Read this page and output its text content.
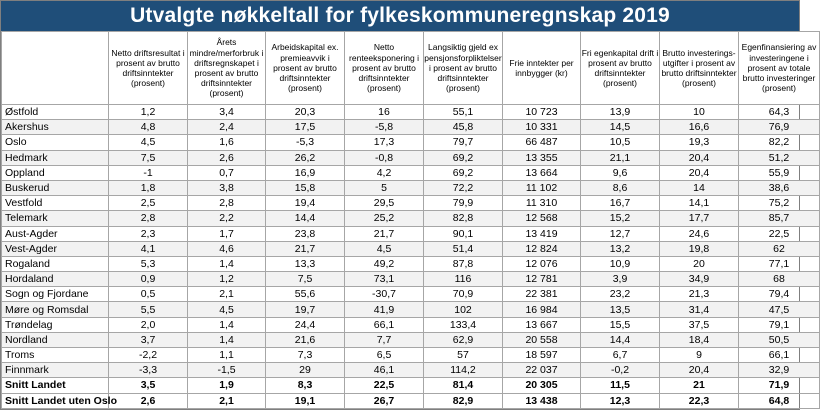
Utvalgte nøkkeltall for fylkeskommuneregnskap 2019
	Netto driftsresultat i prosent av brutto driftsinntekter (prosent)	Årets mindre/merforbruk i driftsregnskapet i prosent av brutto driftsinntekter (prosent)	Arbeidskapital ex. premieavvik i prosent av brutto driftsinntekter (prosent)	Netto renteeksponering i prosent av brutto driftsinntekter (prosent)	Langsiktig gjeld ex pensjonsforpliktelser i prosent av brutto driftsinntekter (prosent)	Frie inntekter per innbygger (kr)	Fri egenkapital drift i prosent av brutto driftsinntekter (prosent)	Brutto investerings-utgifter i prosent av brutto driftsinntekter (prosent)	Egenfinansiering av investeringene i prosent av totale brutto investeringer (prosent)
Østfold	1,2	3,4	20,3	16	55,1	10 723	13,9	10	64,3
Akershus	4,8	2,4	17,5	-5,8	45,8	10 331	14,5	16,6	76,9
Oslo	4,5	1,6	-5,3	17,3	79,7	66 487	10,5	19,3	82,2
Hedmark	7,5	2,6	26,2	-0,8	69,2	13 355	21,1	20,4	51,2
Oppland	-1	0,7	16,9	4,2	69,2	13 664	9,6	20,4	55,9
Buskerud	1,8	3,8	15,8	5	72,2	11 102	8,6	14	38,6
Vestfold	2,5	2,8	19,4	29,5	79,9	11 310	16,7	14,1	75,2
Telemark	2,8	2,2	14,4	25,2	82,8	12 568	15,2	17,7	85,7
Aust-Agder	2,3	1,7	23,8	21,7	90,1	13 419	12,7	24,6	22,5
Vest-Agder	4,1	4,6	21,7	4,5	51,4	12 824	13,2	19,8	62
Rogaland	5,3	1,4	13,3	49,2	87,8	12 076	10,9	20	77,1
Hordaland	0,9	1,2	7,5	73,1	116	12 781	3,9	34,9	68
Sogn og Fjordane	0,5	2,1	55,6	-30,7	70,9	22 381	23,2	21,3	79,4
Møre og Romsdal	5,5	4,5	19,7	41,9	102	16 984	13,5	31,4	47,5
Trøndelag	2,0	1,4	24,4	66,1	133,4	13 667	15,5	37,5	79,1
Nordland	3,7	1,4	21,6	7,7	62,9	20 558	14,4	18,4	50,5
Troms	-2,2	1,1	7,3	6,5	57	18 597	6,7	9	66,1
Finnmark	-3,3	-1,5	29	46,1	114,2	22 037	-0,2	20,4	32,9
Snitt Landet	3,5	1,9	8,3	22,5	81,4	20 305	11,5	21	71,9
Snitt Landet uten Oslo	2,6	2,1	19,1	26,7	82,9	13 438	12,3	22,3	64,8
